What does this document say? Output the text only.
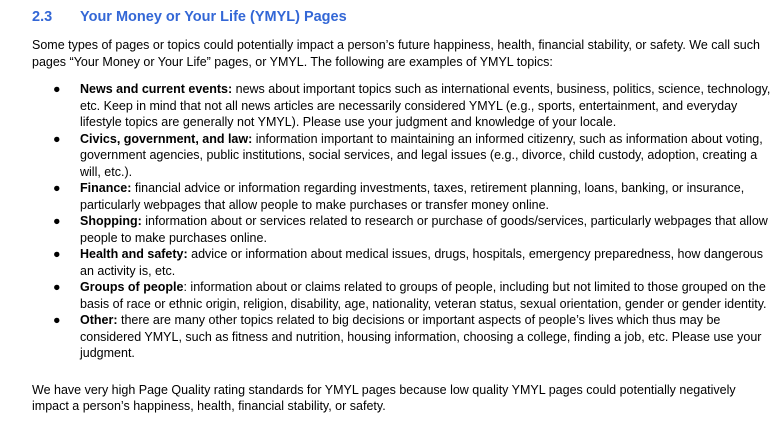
2.3 Your Money or Your Life (YMYL) Pages

Some types of pages or topics could potentially impact a person’s future happiness, health, financial stability, or safety. We call such pages “Your Money or Your Life” pages, or YMYL. The following are examples of YMYL topics:

● News and current events: news about important topics such as international events, business, politics, science, technology, etc. Keep in mind that not all news articles are necessarily considered YMYL (e.g., sports, entertainment, and everyday lifestyle topics are generally not YMYL). Please use your judgment and knowledge of your locale.
● Civics, government, and law: information important to maintaining an informed citizenry, such as information about voting, government agencies, public institutions, social services, and legal issues (e.g., divorce, child custody, adoption, creating a will, etc.).
● Finance: financial advice or information regarding investments, taxes, retirement planning, loans, banking, or insurance, particularly webpages that allow people to make purchases or transfer money online.
● Shopping: information about or services related to research or purchase of goods/services, particularly webpages that allow people to make purchases online.
● Health and safety: advice or information about medical issues, drugs, hospitals, emergency preparedness, how dangerous an activity is, etc.
● Groups of people: information about or claims related to groups of people, including but not limited to those grouped on the basis of race or ethnic origin, religion, disability, age, nationality, veteran status, sexual orientation, gender or gender identity.
● Other: there are many other topics related to big decisions or important aspects of people’s lives which thus may be considered YMYL, such as fitness and nutrition, housing information, choosing a college, finding a job, etc. Please use your judgment.

We have very high Page Quality rating standards for YMYL pages because low quality YMYL pages could potentially negatively impact a person’s happiness, health, financial stability, or safety.
